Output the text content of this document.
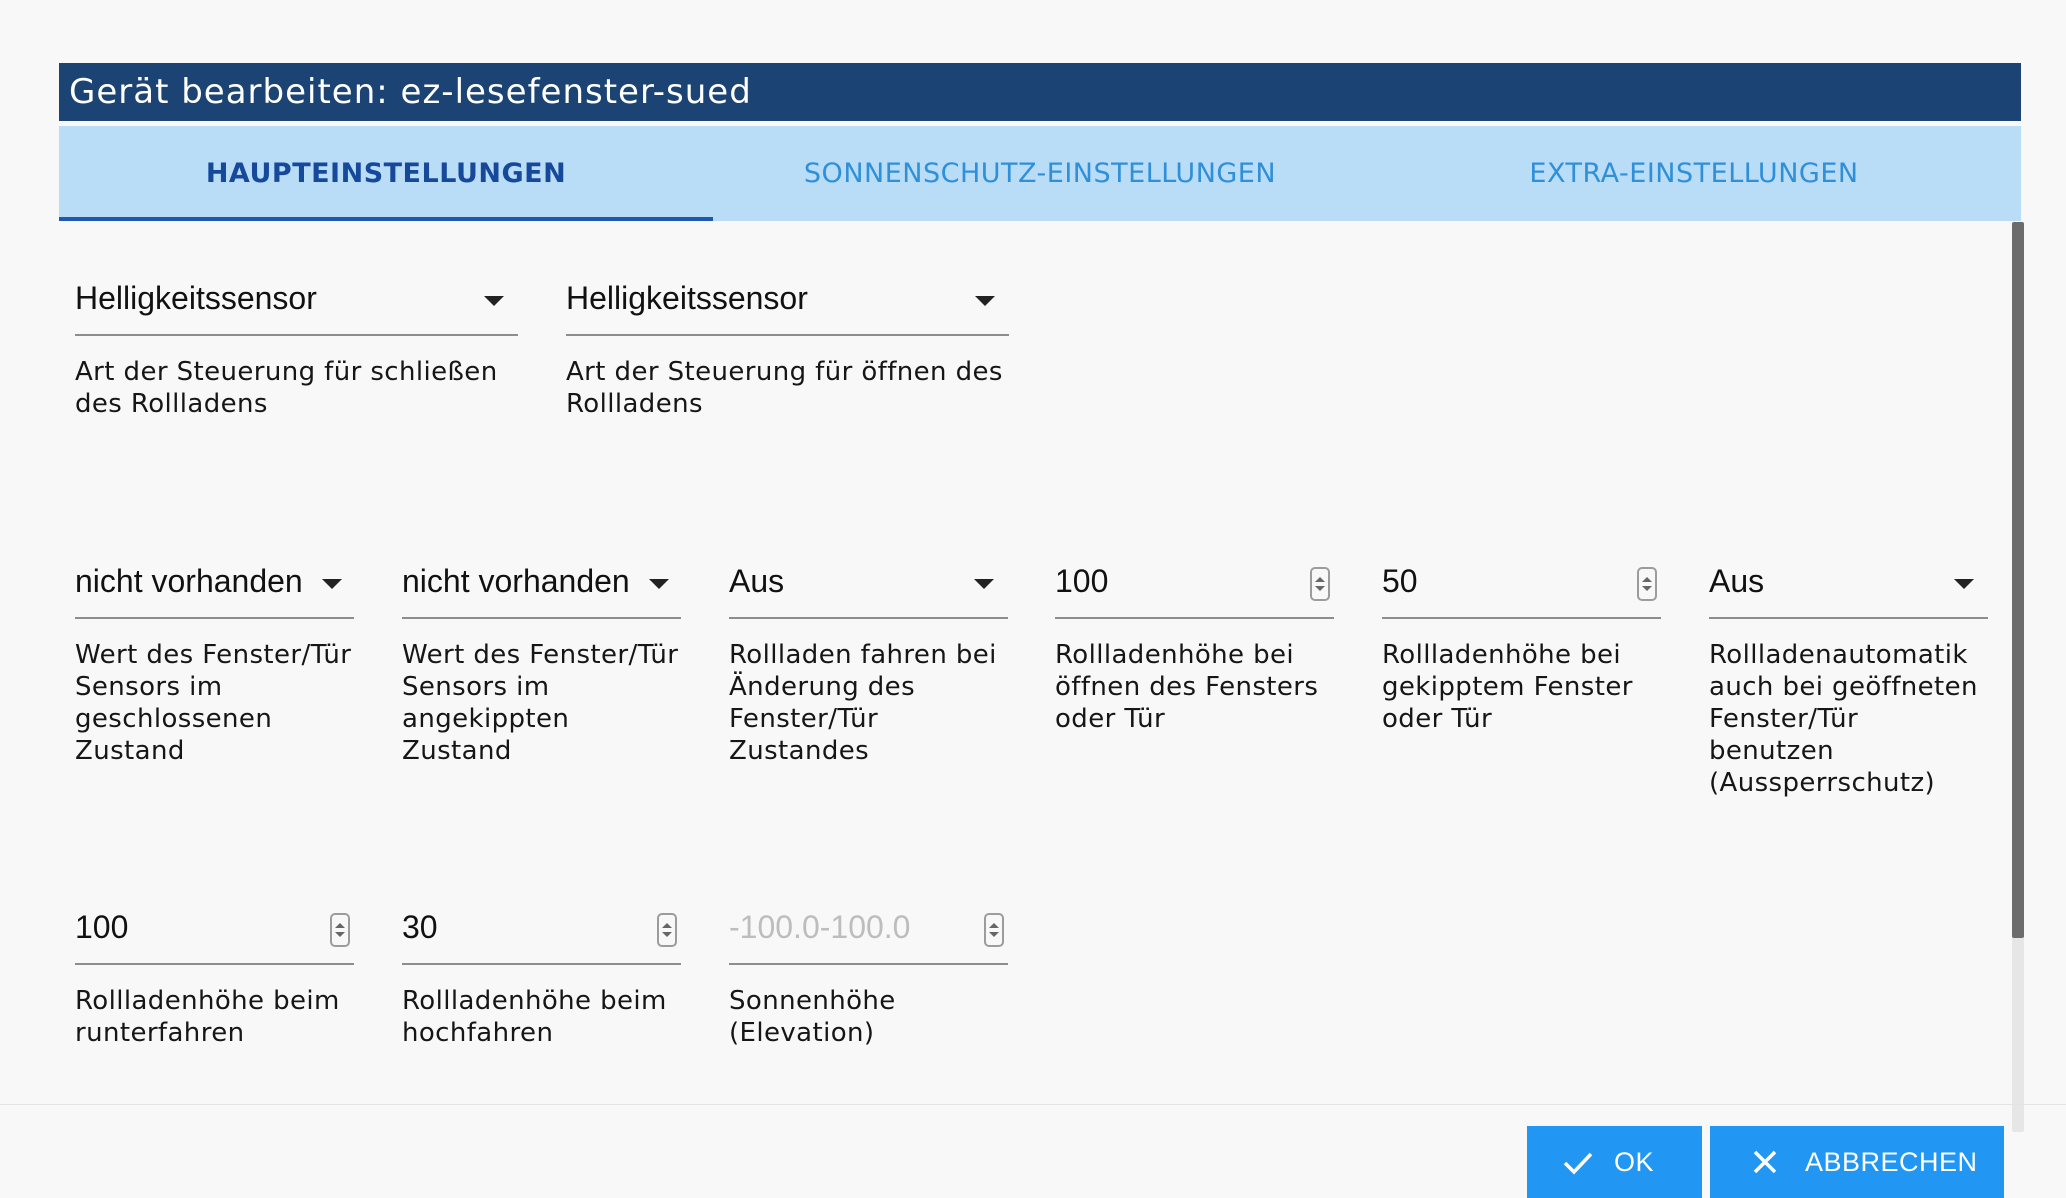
Gerät bearbeiten: ez-lesefenster-sued
HAUPTEINSTELLUNGEN	SONNENSCHUTZ-EINSTELLUNGEN	EXTRA-EINSTELLUNGEN
Helligkeitssensor
Art der Steuerung für schließen des Rollladens
Helligkeitssensor
Art der Steuerung für öffnen des Rollladens
nicht vorhanden
Wert des Fenster/Tür Sensors im geschlossenen Zustand
nicht vorhanden
Wert des Fenster/Tür Sensors im angekippten Zustand
Aus
Rollladen fahren bei Änderung des Fenster/Tür Zustandes
100
Rollladenhöhe bei öffnen des Fensters oder Tür
50
Rollladenhöhe bei gekipptem Fenster oder Tür
Aus
Rollladenautomatik auch bei geöffneten Fenster/Tür benutzen (Aussperrschutz)
100
Rollladenhöhe beim runterfahren
30
Rollladenhöhe beim hochfahren
-100.0-100.0
Sonnenhöhe (Elevation)
OK	ABBRECHEN
